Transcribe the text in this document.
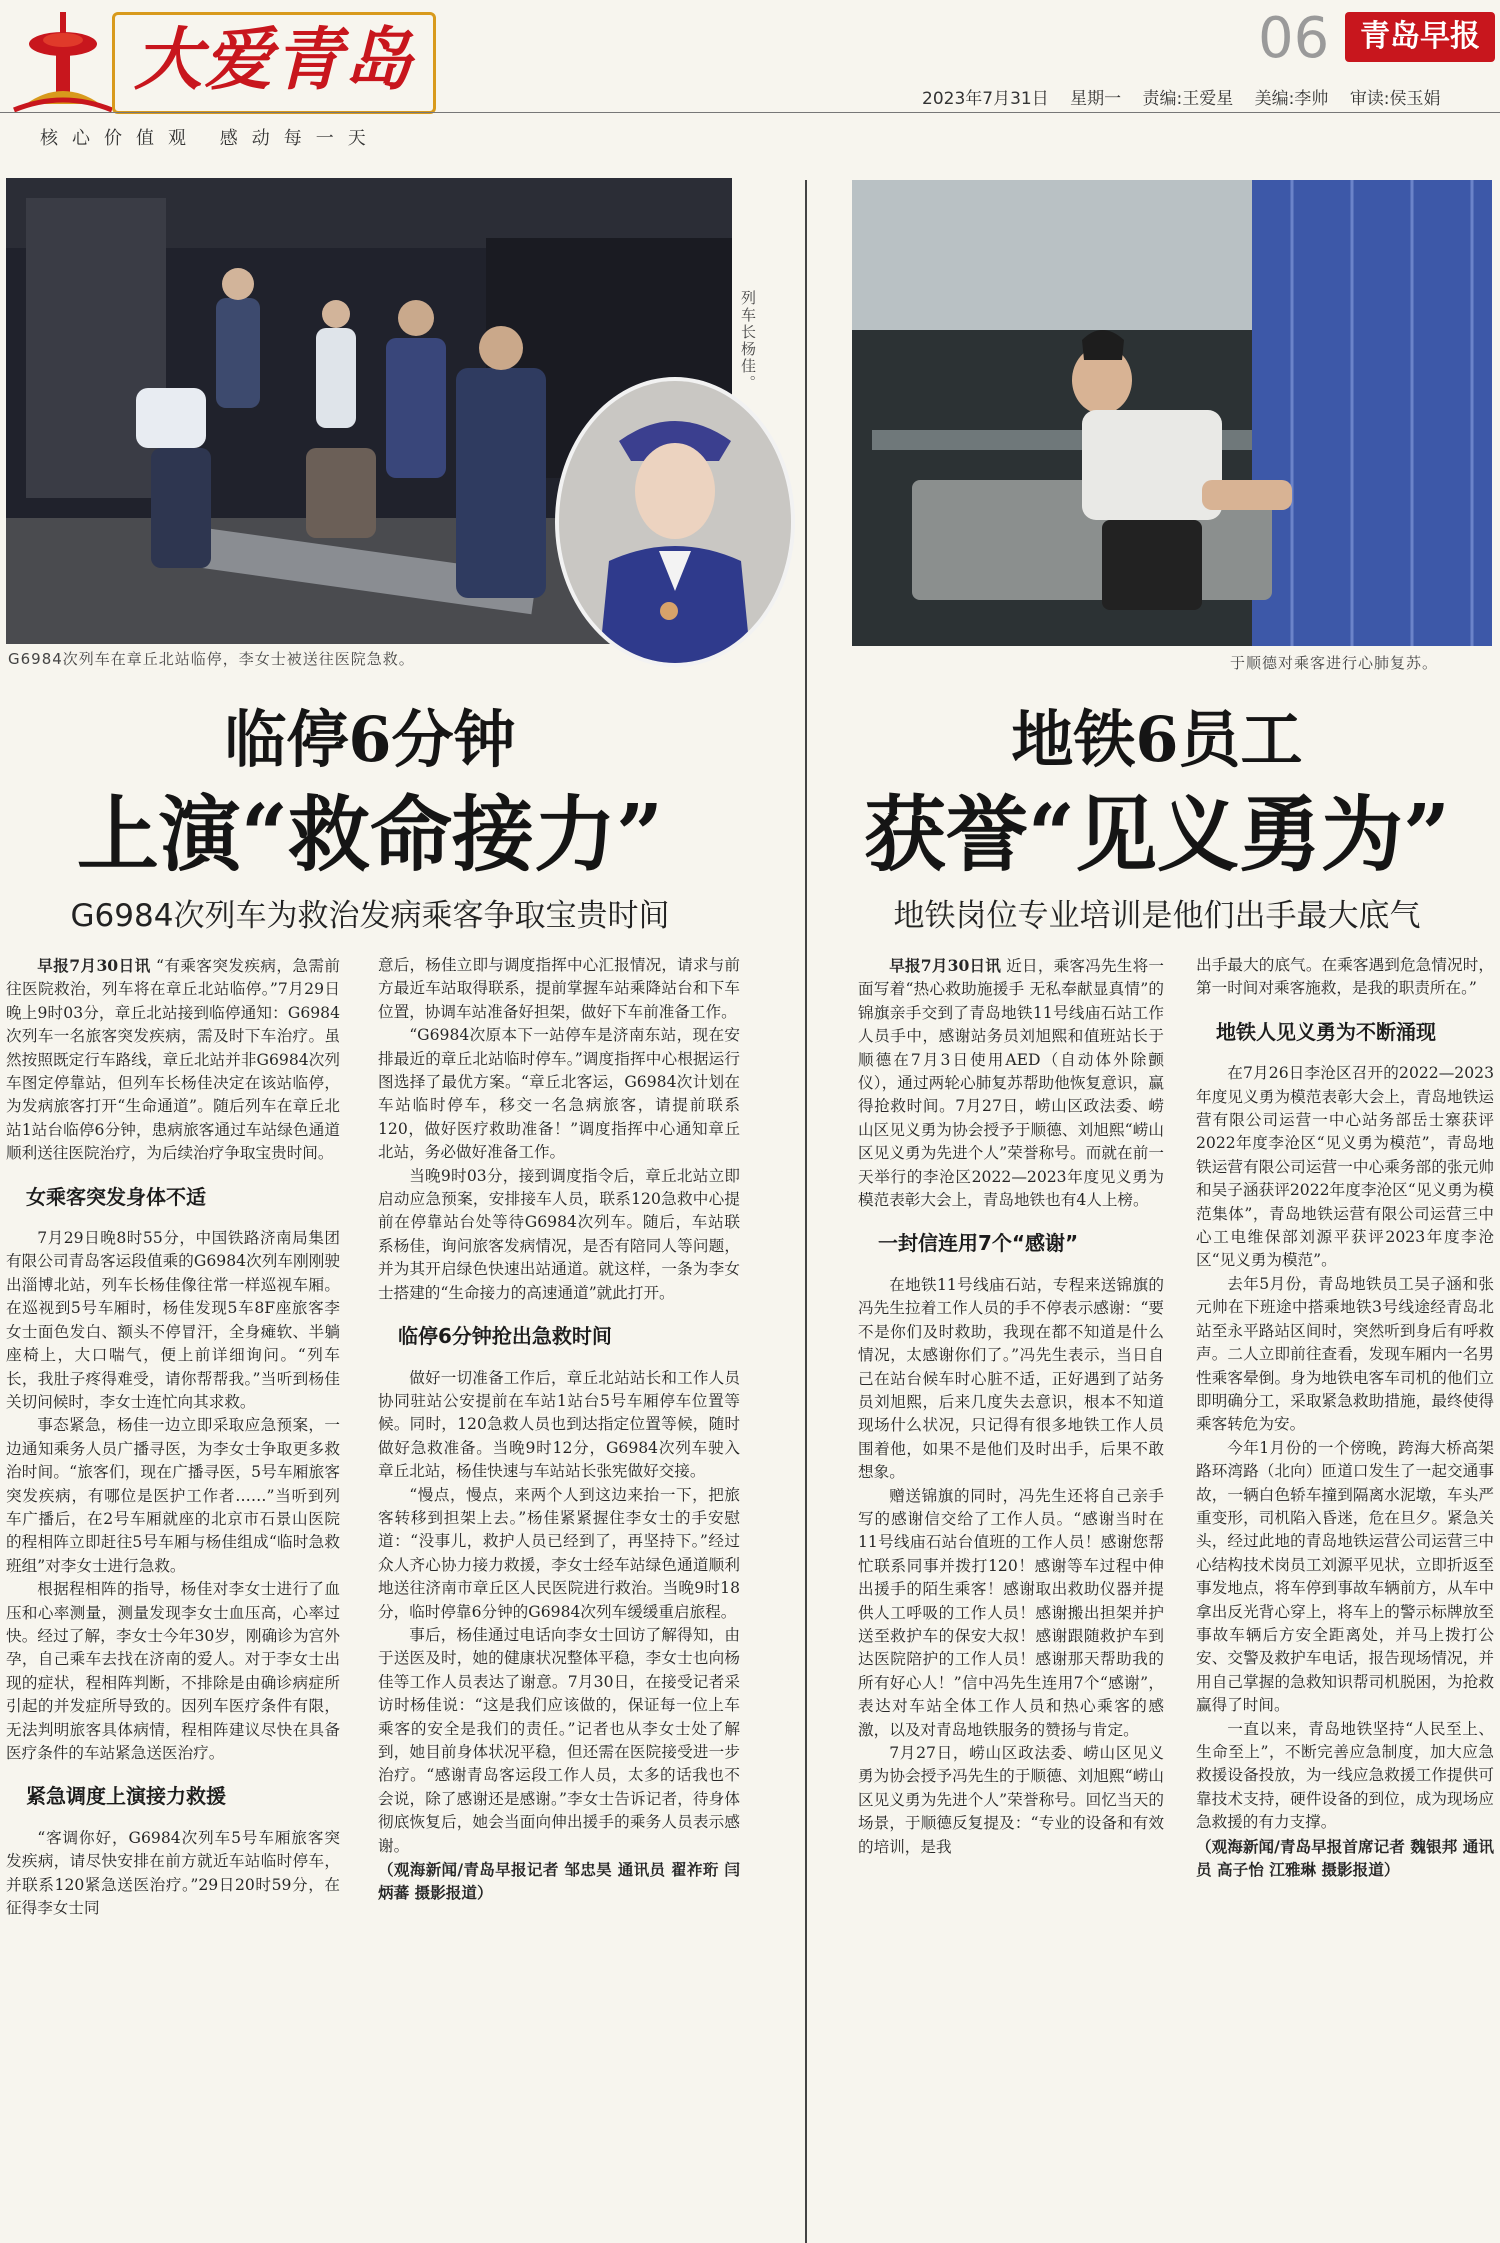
大爱青岛
核心价值观 感动每一天
06	青岛早报
2023年7月31日 星期一 责编:王爱星 美编:李帅 审读:侯玉娟
列车长杨佳。
G6984次列车在章丘北站临停，李女士被送往医院急救。
临停6分钟
上演“救命接力”
G6984次列车为救治发病乘客争取宝贵时间

早报7月30日讯 “有乘客突发疾病，急需前往医院救治，列车将在章丘北站临停。”7月29日晚上9时03分，章丘北站接到临停通知：G6984次列车一名旅客突发疾病，需及时下车治疗。虽然按照既定行车路线，章丘北站并非G6984次列车图定停靠站，但列车长杨佳决定在该站临停，为发病旅客打开“生命通道”。随后列车在章丘北站1站台临停6分钟，患病旅客通过车站绿色通道顺利送往医院治疗，为后续治疗争取宝贵时间。

女乘客突发身体不适

7月29日晚8时55分，中国铁路济南局集团有限公司青岛客运段值乘的G6984次列车刚刚驶出淄博北站，列车长杨佳像往常一样巡视车厢。在巡视到5号车厢时，杨佳发现5车8F座旅客李女士面色发白、额头不停冒汗，全身瘫软、半躺座椅上，大口喘气，便上前详细询问。“列车长，我肚子疼得难受，请你帮帮我。”当听到杨佳关切问候时，李女士连忙向其求救。

事态紧急，杨佳一边立即采取应急预案，一边通知乘务人员广播寻医，为李女士争取更多救治时间。“旅客们，现在广播寻医，5号车厢旅客突发疾病，有哪位是医护工作者……”当听到列车广播后，在2号车厢就座的北京市石景山医院的程相阵立即赶往5号车厢与杨佳组成“临时急救班组”对李女士进行急救。

根据程相阵的指导，杨佳对李女士进行了血压和心率测量，测量发现李女士血压高，心率过快。经过了解，李女士今年30岁，刚确诊为宫外孕，自己乘车去找在济南的爱人。对于李女士出现的症状，程相阵判断，不排除是由确诊病症所引起的并发症所导致的。因列车医疗条件有限，无法判明旅客具体病情，程相阵建议尽快在具备医疗条件的车站紧急送医治疗。

紧急调度上演接力救援

“客调你好，G6984次列车5号车厢旅客突发疾病，请尽快安排在前方就近车站临时停车，并联系120紧急送医治疗。”29日20时59分，在征得李女士同

意后，杨佳立即与调度指挥中心汇报情况，请求与前方最近车站取得联系，提前掌握车站乘降站台和下车位置，协调车站准备好担架，做好下车前准备工作。

“G6984次原本下一站停车是济南东站，现在安排最近的章丘北站临时停车。”调度指挥中心根据运行图选择了最优方案。“章丘北客运，G6984次计划在车站临时停车，移交一名急病旅客，请提前联系120，做好医疗救助准备！”调度指挥中心通知章丘北站，务必做好准备工作。

当晚9时03分，接到调度指令后，章丘北站立即启动应急预案，安排接车人员，联系120急救中心提前在停靠站台处等待G6984次列车。随后，车站联系杨佳，询问旅客发病情况，是否有陪同人等问题，并为其开启绿色快速出站通道。就这样，一条为李女士搭建的“生命接力的高速通道”就此打开。

临停6分钟抢出急救时间

做好一切准备工作后，章丘北站站长和工作人员协同驻站公安提前在车站1站台5号车厢停车位置等候。同时，120急救人员也到达指定位置等候，随时做好急救准备。当晚9时12分，G6984次列车驶入章丘北站，杨佳快速与车站站长张宪做好交接。

“慢点，慢点，来两个人到这边来抬一下，把旅客转移到担架上去。”杨佳紧紧握住李女士的手安慰道：“没事儿，救护人员已经到了，再坚持下。”经过众人齐心协力接力救援，李女士经车站绿色通道顺利地送往济南市章丘区人民医院进行救治。当晚9时18分，临时停靠6分钟的G6984次列车缓缓重启旅程。

事后，杨佳通过电话向李女士回访了解得知，由于送医及时，她的健康状况整体平稳，李女士也向杨佳等工作人员表达了谢意。7月30日，在接受记者采访时杨佳说：“这是我们应该做的，保证每一位上车乘客的安全是我们的责任。”记者也从李女士处了解到，她目前身体状况平稳，但还需在医院接受进一步治疗。“感谢青岛客运段工作人员，太多的话我也不会说，除了感谢还是感谢。”李女士告诉记者，待身体彻底恢复后，她会当面向伸出援手的乘务人员表示感谢。

（观海新闻/青岛早报记者 邹忠昊 通讯员 翟祚珩 闫炳蕃 摄影报道）

于顺德对乘客进行心肺复苏。
地铁6员工
获誉“见义勇为”
地铁岗位专业培训是他们出手最大底气

早报7月30日讯 近日，乘客冯先生将一面写着“热心救助施援手 无私奉献显真情”的锦旗亲手交到了青岛地铁11号线庙石站工作人员手中，感谢站务员刘旭熙和值班站长于顺德在7月3日使用AED（自动体外除颤仪），通过两轮心肺复苏帮助他恢复意识，赢得抢救时间。7月27日，崂山区政法委、崂山区见义勇为协会授予于顺德、刘旭熙“崂山区见义勇为先进个人”荣誉称号。而就在前一天举行的李沧区2022—2023年度见义勇为模范表彰大会上，青岛地铁也有4人上榜。

一封信连用7个“感谢”

在地铁11号线庙石站，专程来送锦旗的冯先生拉着工作人员的手不停表示感谢：“要不是你们及时救助，我现在都不知道是什么情况，太感谢你们了。”冯先生表示，当日自己在站台候车时心脏不适，正好遇到了站务员刘旭熙，后来几度失去意识，根本不知道现场什么状况，只记得有很多地铁工作人员围着他，如果不是他们及时出手，后果不敢想象。

赠送锦旗的同时，冯先生还将自己亲手写的感谢信交给了工作人员。“感谢当时在11号线庙石站台值班的工作人员！感谢您帮忙联系同事并拨打120！感谢等车过程中伸出援手的陌生乘客！感谢取出救助仪器并提供人工呼吸的工作人员！感谢搬出担架并护送至救护车的保安大叔！感谢跟随救护车到达医院陪护的工作人员！感谢那天帮助我的所有好心人！”信中冯先生连用7个“感谢”，表达对车站全体工作人员和热心乘客的感激，以及对青岛地铁服务的赞扬与肯定。

7月27日，崂山区政法委、崂山区见义勇为协会授予冯先生的于顺德、刘旭熙“崂山区见义勇为先进个人”荣誉称号。回忆当天的场景，于顺德反复提及：“专业的设备和有效的培训，是我

出手最大的底气。在乘客遇到危急情况时，第一时间对乘客施救，是我的职责所在。”

地铁人见义勇为不断涌现

在7月26日李沧区召开的2022—2023年度见义勇为模范表彰大会上，青岛地铁运营有限公司运营一中心站务部岳士寨获评2022年度李沧区“见义勇为模范”，青岛地铁运营有限公司运营一中心乘务部的张元帅和吴子涵获评2022年度李沧区“见义勇为模范集体”，青岛地铁运营有限公司运营三中心工电维保部刘源平获评2023年度李沧区“见义勇为模范”。

去年5月份，青岛地铁员工吴子涵和张元帅在下班途中搭乘地铁3号线途经青岛北站至永平路站区间时，突然听到身后有呼救声。二人立即前往查看，发现车厢内一名男性乘客晕倒。身为地铁电客车司机的他们立即明确分工，采取紧急救助措施，最终使得乘客转危为安。

今年1月份的一个傍晚，跨海大桥高架路环湾路（北向）匝道口发生了一起交通事故，一辆白色轿车撞到隔离水泥墩，车头严重变形，司机陷入昏迷，危在旦夕。紧急关头，经过此地的青岛地铁运营公司运营三中心结构技术岗员工刘源平见状，立即折返至事发地点，将车停到事故车辆前方，从车中拿出反光背心穿上，将车上的警示标牌放至事故车辆后方安全距离处，并马上拨打公安、交警及救护车电话，报告现场情况，并用自己掌握的急救知识帮司机脱困，为抢救赢得了时间。

一直以来，青岛地铁坚持“人民至上、生命至上”，不断完善应急制度，加大应急救援设备投放，为一线应急救援工作提供可靠技术支持，硬件设备的到位，成为现场应急救援的有力支撑。

（观海新闻/青岛早报首席记者 魏银邦 通讯员 高子怡 江雅琳 摄影报道）
